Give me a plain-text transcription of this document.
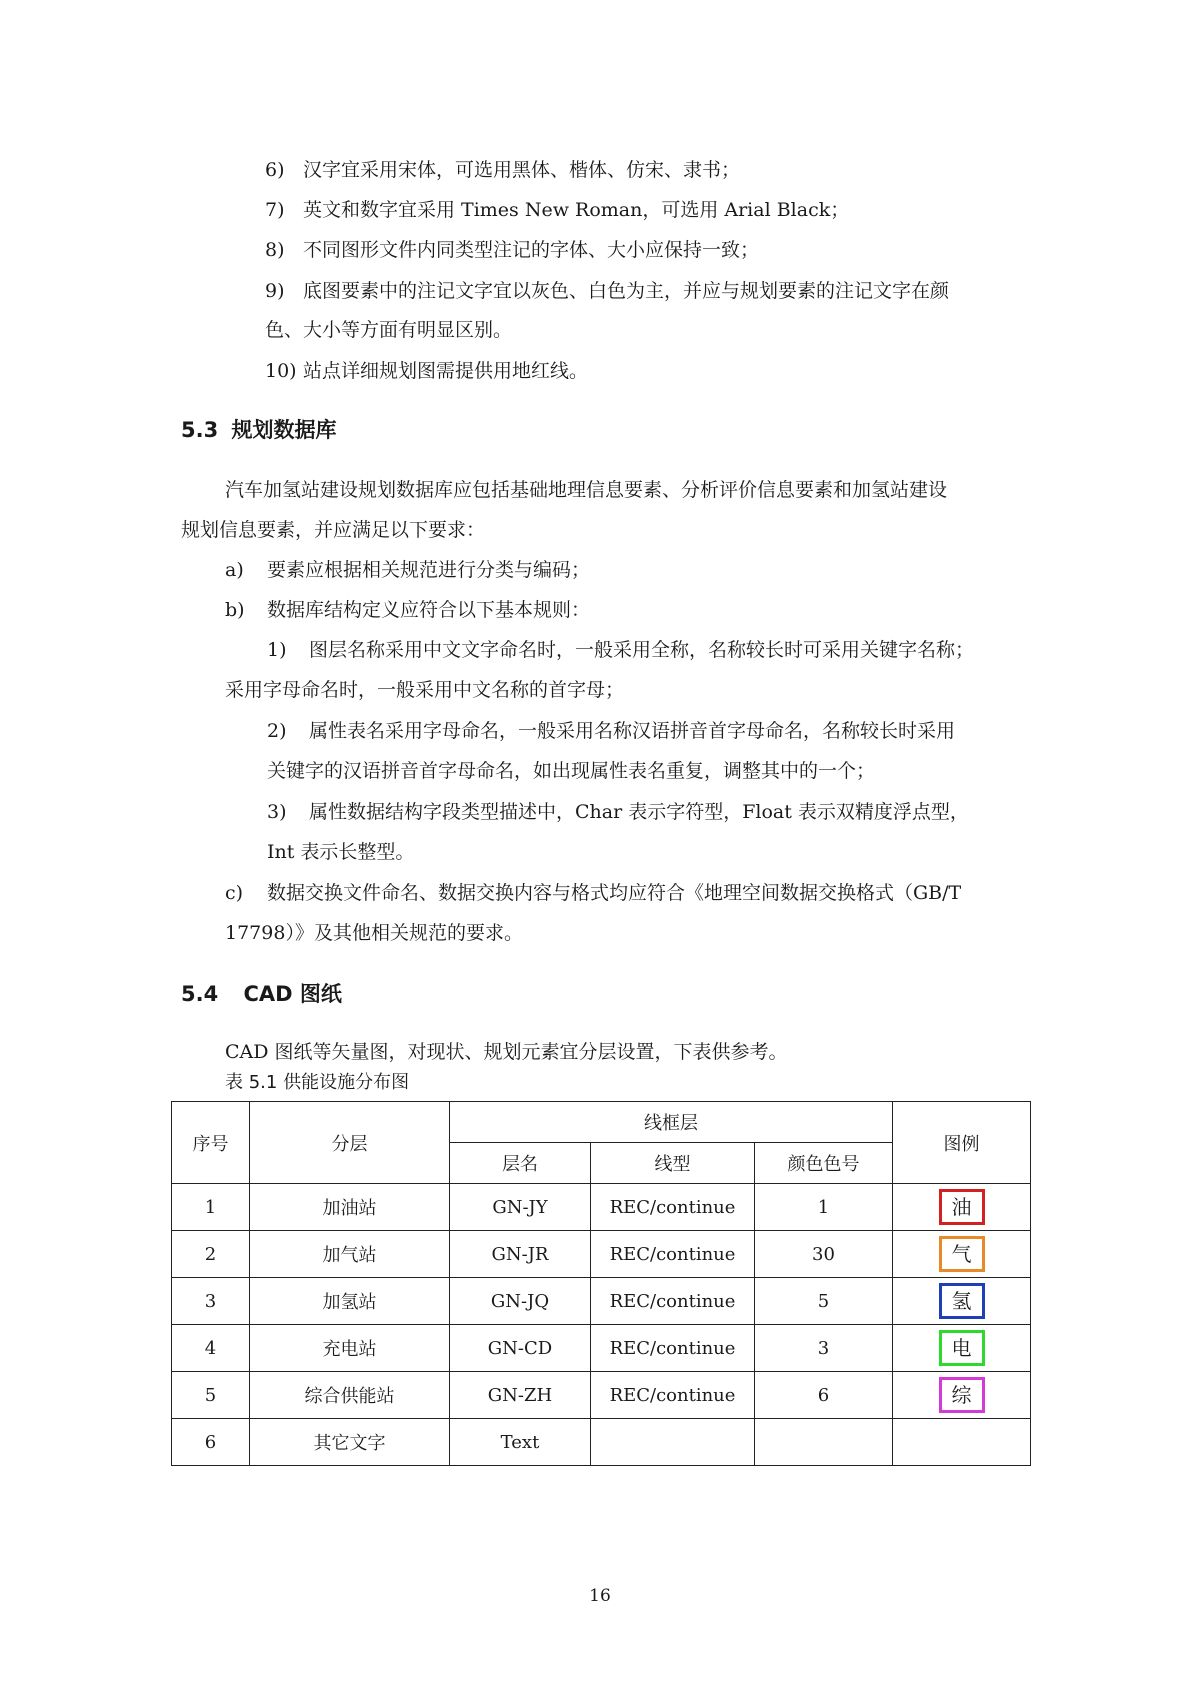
6) 汉字宜采用宋体，可选用黑体、楷体、仿宋、隶书；
7) 英文和数字宜采用 Times New Roman，可选用 Arial Black；
8) 不同图形文件内同类型注记的字体、大小应保持一致；
9) 底图要素中的注记文字宜以灰色、白色为主，并应与规划要素的注记文字在颜
色、大小等方面有明显区别。
10) 站点详细规划图需提供用地红线。
5.3 规划数据库
汽车加氢站建设规划数据库应包括基础地理信息要素、分析评价信息要素和加氢站建设
规划信息要素，并应满足以下要求：
a) 要素应根据相关规范进行分类与编码；
b) 数据库结构定义应符合以下基本规则：
1) 图层名称采用中文文字命名时，一般采用全称，名称较长时可采用关键字名称；
采用字母命名时，一般采用中文名称的首字母；
2) 属性表名采用字母命名，一般采用名称汉语拼音首字母命名，名称较长时采用
关键字的汉语拼音首字母命名，如出现属性表名重复，调整其中的一个；
3) 属性数据结构字段类型描述中，Char 表示字符型，Float 表示双精度浮点型，
Int 表示长整型。
c) 数据交换文件命名、数据交换内容与格式均应符合《地理空间数据交换格式（GB/T
17798）》及其他相关规范的要求。
5.4 CAD 图纸
CAD 图纸等矢量图，对现状、规划元素宜分层设置，下表供参考。
表 5.1 供能设施分布图
序号	分层	线框层			图例
		层名	线型	颜色色号	
1	加油站	GN-JY	REC/continue	1	油
2	加气站	GN-JR	REC/continue	30	气
3	加氢站	GN-JQ	REC/continue	5	氢
4	充电站	GN-CD	REC/continue	3	电
5	综合供能站	GN-ZH	REC/continue	6	综
6	其它文字	Text			
16
